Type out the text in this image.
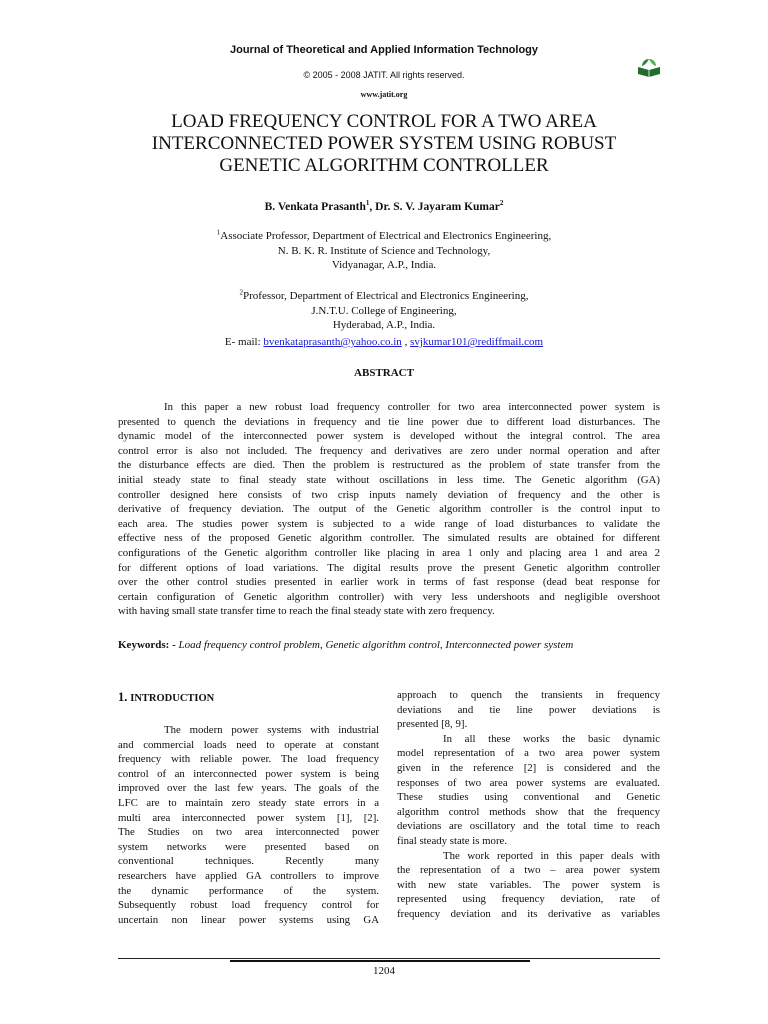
Journal of Theoretical and Applied Information Technology
© 2005 - 2008 JATIT. All rights reserved.
www.jatit.org
LOAD FREQUENCY CONTROL FOR A TWO AREA
INTERCONNECTED POWER SYSTEM USING ROBUST
GENETIC ALGORITHM CONTROLLER
B. Venkata Prasanth$^1$, Dr. S. V. Jayaram Kumar$^2$
$^1$Associate Professor, Department of Electrical and Electronics Engineering,
N. B. K. R. Institute of Science and Technology,
Vidyanagar, A.P., India.
$^2$Professor, Department of Electrical and Electronics Engineering,
J.N.T.U. College of Engineering,
Hyderabad, A.P., India.
E- mail: bvenkataprasanth@yahoo.co.in , svjkumar101@rediffmail.com
ABSTRACT
In this paper a new robust load frequency controller for two area interconnected power system is
presented to quench the deviations in frequency and tie line power due to different load disturbances. The
dynamic model of the interconnected power system is developed without the integral control. The area
control error is also not included. The frequency and derivatives are zero under normal operation and after
the disturbance effects are died. Then the problem is restructured as the problem of state transfer from the
initial steady state to final steady state without oscillations in less time. The Genetic algorithm (GA)
controller designed here consists of two crisp inputs namely deviation of frequency and the other is
derivative of frequency deviation. The output of the Genetic algorithm controller is the control input to
each area. The studies power system is subjected to a wide range of load disturbances to validate the
effective ness of the proposed Genetic algorithm controller. The simulated results are obtained for different
configurations of the Genetic algorithm controller like placing in area 1 only and placing area 1 and area 2
for different options of load variations. The digital results prove the present Genetic algorithm controller
over the other control studies presented in earlier work in terms of fast response (dead beat response for
certain configuration of Genetic algorithm controller) with very less undershoots and negligible overshoot
with having small state transfer time to reach the final steady state with zero frequency.
Keywords: - Load frequency control problem, Genetic algorithm control, Interconnected power system
1. INTRODUCTION
The modern power systems with industrial
and commercial loads need to operate at constant
frequency with reliable power. The load frequency
control of an interconnected power system is being
improved over the last few years. The goals of the
LFC are to maintain zero steady state errors in a
multi area interconnected power system [1], [2].
The Studies on two area interconnected power
system networks were presented based on
conventional techniques. Recently many
researchers have applied GA controllers to improve
the dynamic performance of the system.
Subsequently robust load frequency control for
uncertain non linear power systems using GA
approach to quench the transients in frequency
deviations and tie line power deviations is
presented [8, 9].
In all these works the basic dynamic
model representation of a two area power system
given in the reference [2] is considered and the
responses of two area power systems are evaluated.
These studies using conventional and Genetic
algorithm control methods show that the frequency
deviations are oscillatory and the total time to reach
final steady state is more.
The work reported in this paper deals with
the representation of a two – area power system
with new state variables. The power system is
represented using frequency deviation, rate of
frequency deviation and its derivative as variables
1204
